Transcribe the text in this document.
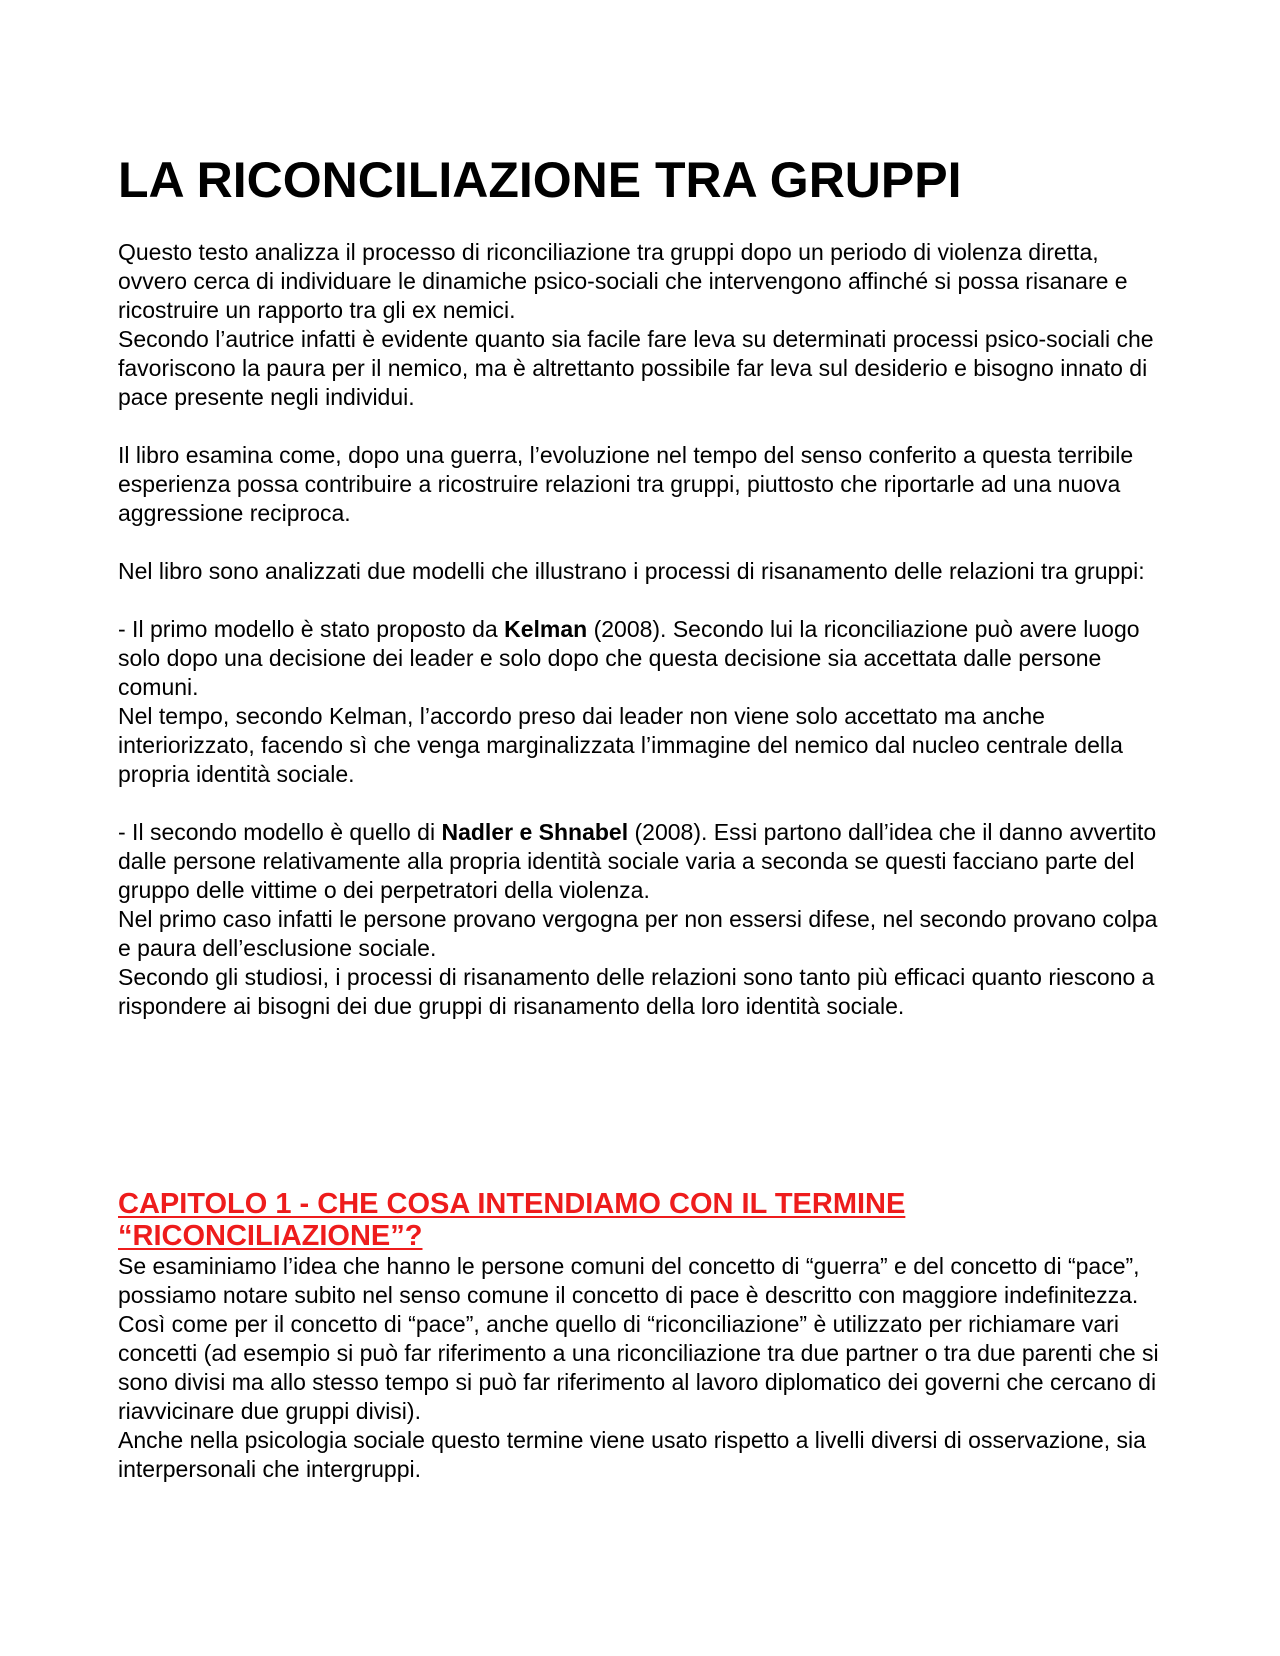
LA RICONCILIAZIONE TRA GRUPPI

Questo testo analizza il processo di riconciliazione tra gruppi dopo un periodo di violenza diretta, ovvero cerca di individuare le dinamiche psico-sociali che intervengono affinché si possa risanare e ricostruire un rapporto tra gli ex nemici.

Secondo l’autrice infatti è evidente quanto sia facile fare leva su determinati processi psico-sociali che favoriscono la paura per il nemico, ma è altrettanto possibile far leva sul desiderio e bisogno innato di pace presente negli individui.

Il libro esamina come, dopo una guerra, l’evoluzione nel tempo del senso conferito a questa terribile esperienza possa contribuire a ricostruire relazioni tra gruppi, piuttosto che riportarle ad una nuova aggressione reciproca.

Nel libro sono analizzati due modelli che illustrano i processi di risanamento delle relazioni tra gruppi:

- Il primo modello è stato proposto da Kelman (2008). Secondo lui la riconciliazione può avere luogo solo dopo una decisione dei leader e solo dopo che questa decisione sia accettata dalle persone comuni.

Nel tempo, secondo Kelman, l’accordo preso dai leader non viene solo accettato ma anche interiorizzato, facendo sì che venga marginalizzata l’immagine del nemico dal nucleo centrale della propria identità sociale.

- Il secondo modello è quello di Nadler e Shnabel (2008). Essi partono dall’idea che il danno avvertito dalle persone relativamente alla propria identità sociale varia a seconda se questi facciano parte del gruppo delle vittime o dei perpetratori della violenza.

Nel primo caso infatti le persone provano vergogna per non essersi difese, nel secondo provano colpa e paura dell’esclusione sociale.

Secondo gli studiosi, i processi di risanamento delle relazioni sono tanto più efficaci quanto riescono a rispondere ai bisogni dei due gruppi di risanamento della loro identità sociale.

CAPITOLO 1 - CHE COSA INTENDIAMO CON IL TERMINE
“RICONCILIAZIONE”?

Se esaminiamo l’idea che hanno le persone comuni del concetto di “guerra” e del concetto di “pace”, possiamo notare subito nel senso comune il concetto di pace è descritto con maggiore indefinitezza.

Così come per il concetto di “pace”, anche quello di “riconciliazione” è utilizzato per richiamare vari concetti (ad esempio si può far riferimento a una riconciliazione tra due partner o tra due parenti che si sono divisi ma allo stesso tempo si può far riferimento al lavoro diplomatico dei governi che cercano di riavvicinare due gruppi divisi).

Anche nella psicologia sociale questo termine viene usato rispetto a livelli diversi di osservazione, sia interpersonali che intergruppi.
